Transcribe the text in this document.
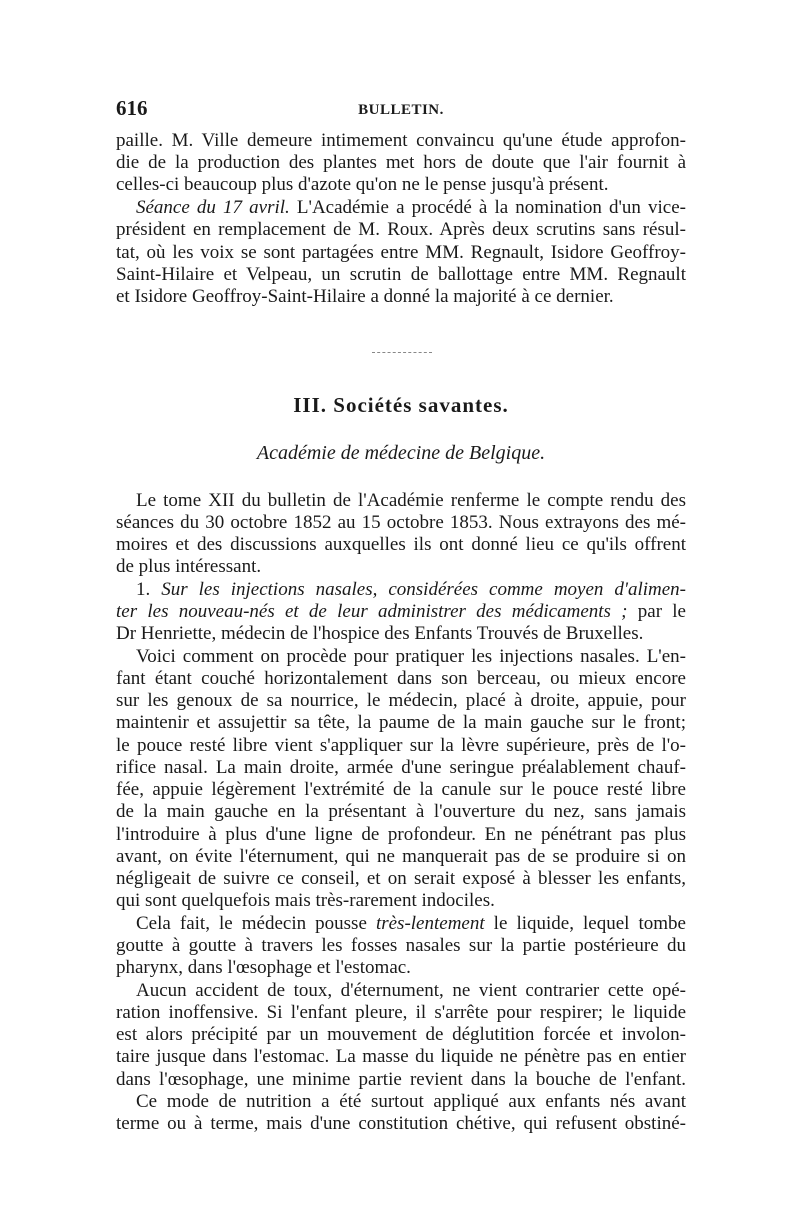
616	BULLETIN.
paille. M. Ville demeure intimement convaincu qu'une étude approfon-
die de la production des plantes met hors de doute que l'air fournit à
celles-ci beaucoup plus d'azote qu'on ne le pense jusqu'à présent.
Séance du 17 avril. L'Académie a procédé à la nomination d'un vice-
président en remplacement de M. Roux. Après deux scrutins sans résul-
tat, où les voix se sont partagées entre MM. Regnault, Isidore Geoffroy-
Saint-Hilaire et Velpeau, un scrutin de ballottage entre MM. Regnault
et Isidore Geoffroy-Saint-Hilaire a donné la majorité à ce dernier.
III. Sociétés savantes.
Académie de médecine de Belgique.
Le tome XII du bulletin de l'Académie renferme le compte rendu des
séances du 30 octobre 1852 au 15 octobre 1853. Nous extrayons des mé-
moires et des discussions auxquelles ils ont donné lieu ce qu'ils offrent
de plus intéressant.
1. Sur les injections nasales, considérées comme moyen d'alimen-
ter les nouveau-nés et de leur administrer des médicaments ; par le
Dr Henriette, médecin de l'hospice des Enfants Trouvés de Bruxelles.
Voici comment on procède pour pratiquer les injections nasales. L'en-
fant étant couché horizontalement dans son berceau, ou mieux encore
sur les genoux de sa nourrice, le médecin, placé à droite, appuie, pour
maintenir et assujettir sa tête, la paume de la main gauche sur le front;
le pouce resté libre vient s'appliquer sur la lèvre supérieure, près de l'o-
rifice nasal. La main droite, armée d'une seringue préalablement chauf-
fée, appuie légèrement l'extrémité de la canule sur le pouce resté libre
de la main gauche en la présentant à l'ouverture du nez, sans jamais
l'introduire à plus d'une ligne de profondeur. En ne pénétrant pas plus
avant, on évite l'éternument, qui ne manquerait pas de se produire si on
négligeait de suivre ce conseil, et on serait exposé à blesser les enfants,
qui sont quelquefois mais très-rarement indociles.
Cela fait, le médecin pousse très-lentement le liquide, lequel tombe
goutte à goutte à travers les fosses nasales sur la partie postérieure du
pharynx, dans l'œsophage et l'estomac.
Aucun accident de toux, d'éternument, ne vient contrarier cette opé-
ration inoffensive. Si l'enfant pleure, il s'arrête pour respirer; le liquide
est alors précipité par un mouvement de déglutition forcée et involon-
taire jusque dans l'estomac. La masse du liquide ne pénètre pas en entier
dans l'œsophage, une minime partie revient dans la bouche de l'enfant.
Ce mode de nutrition a été surtout appliqué aux enfants nés avant
terme ou à terme, mais d'une constitution chétive, qui refusent obstiné-
